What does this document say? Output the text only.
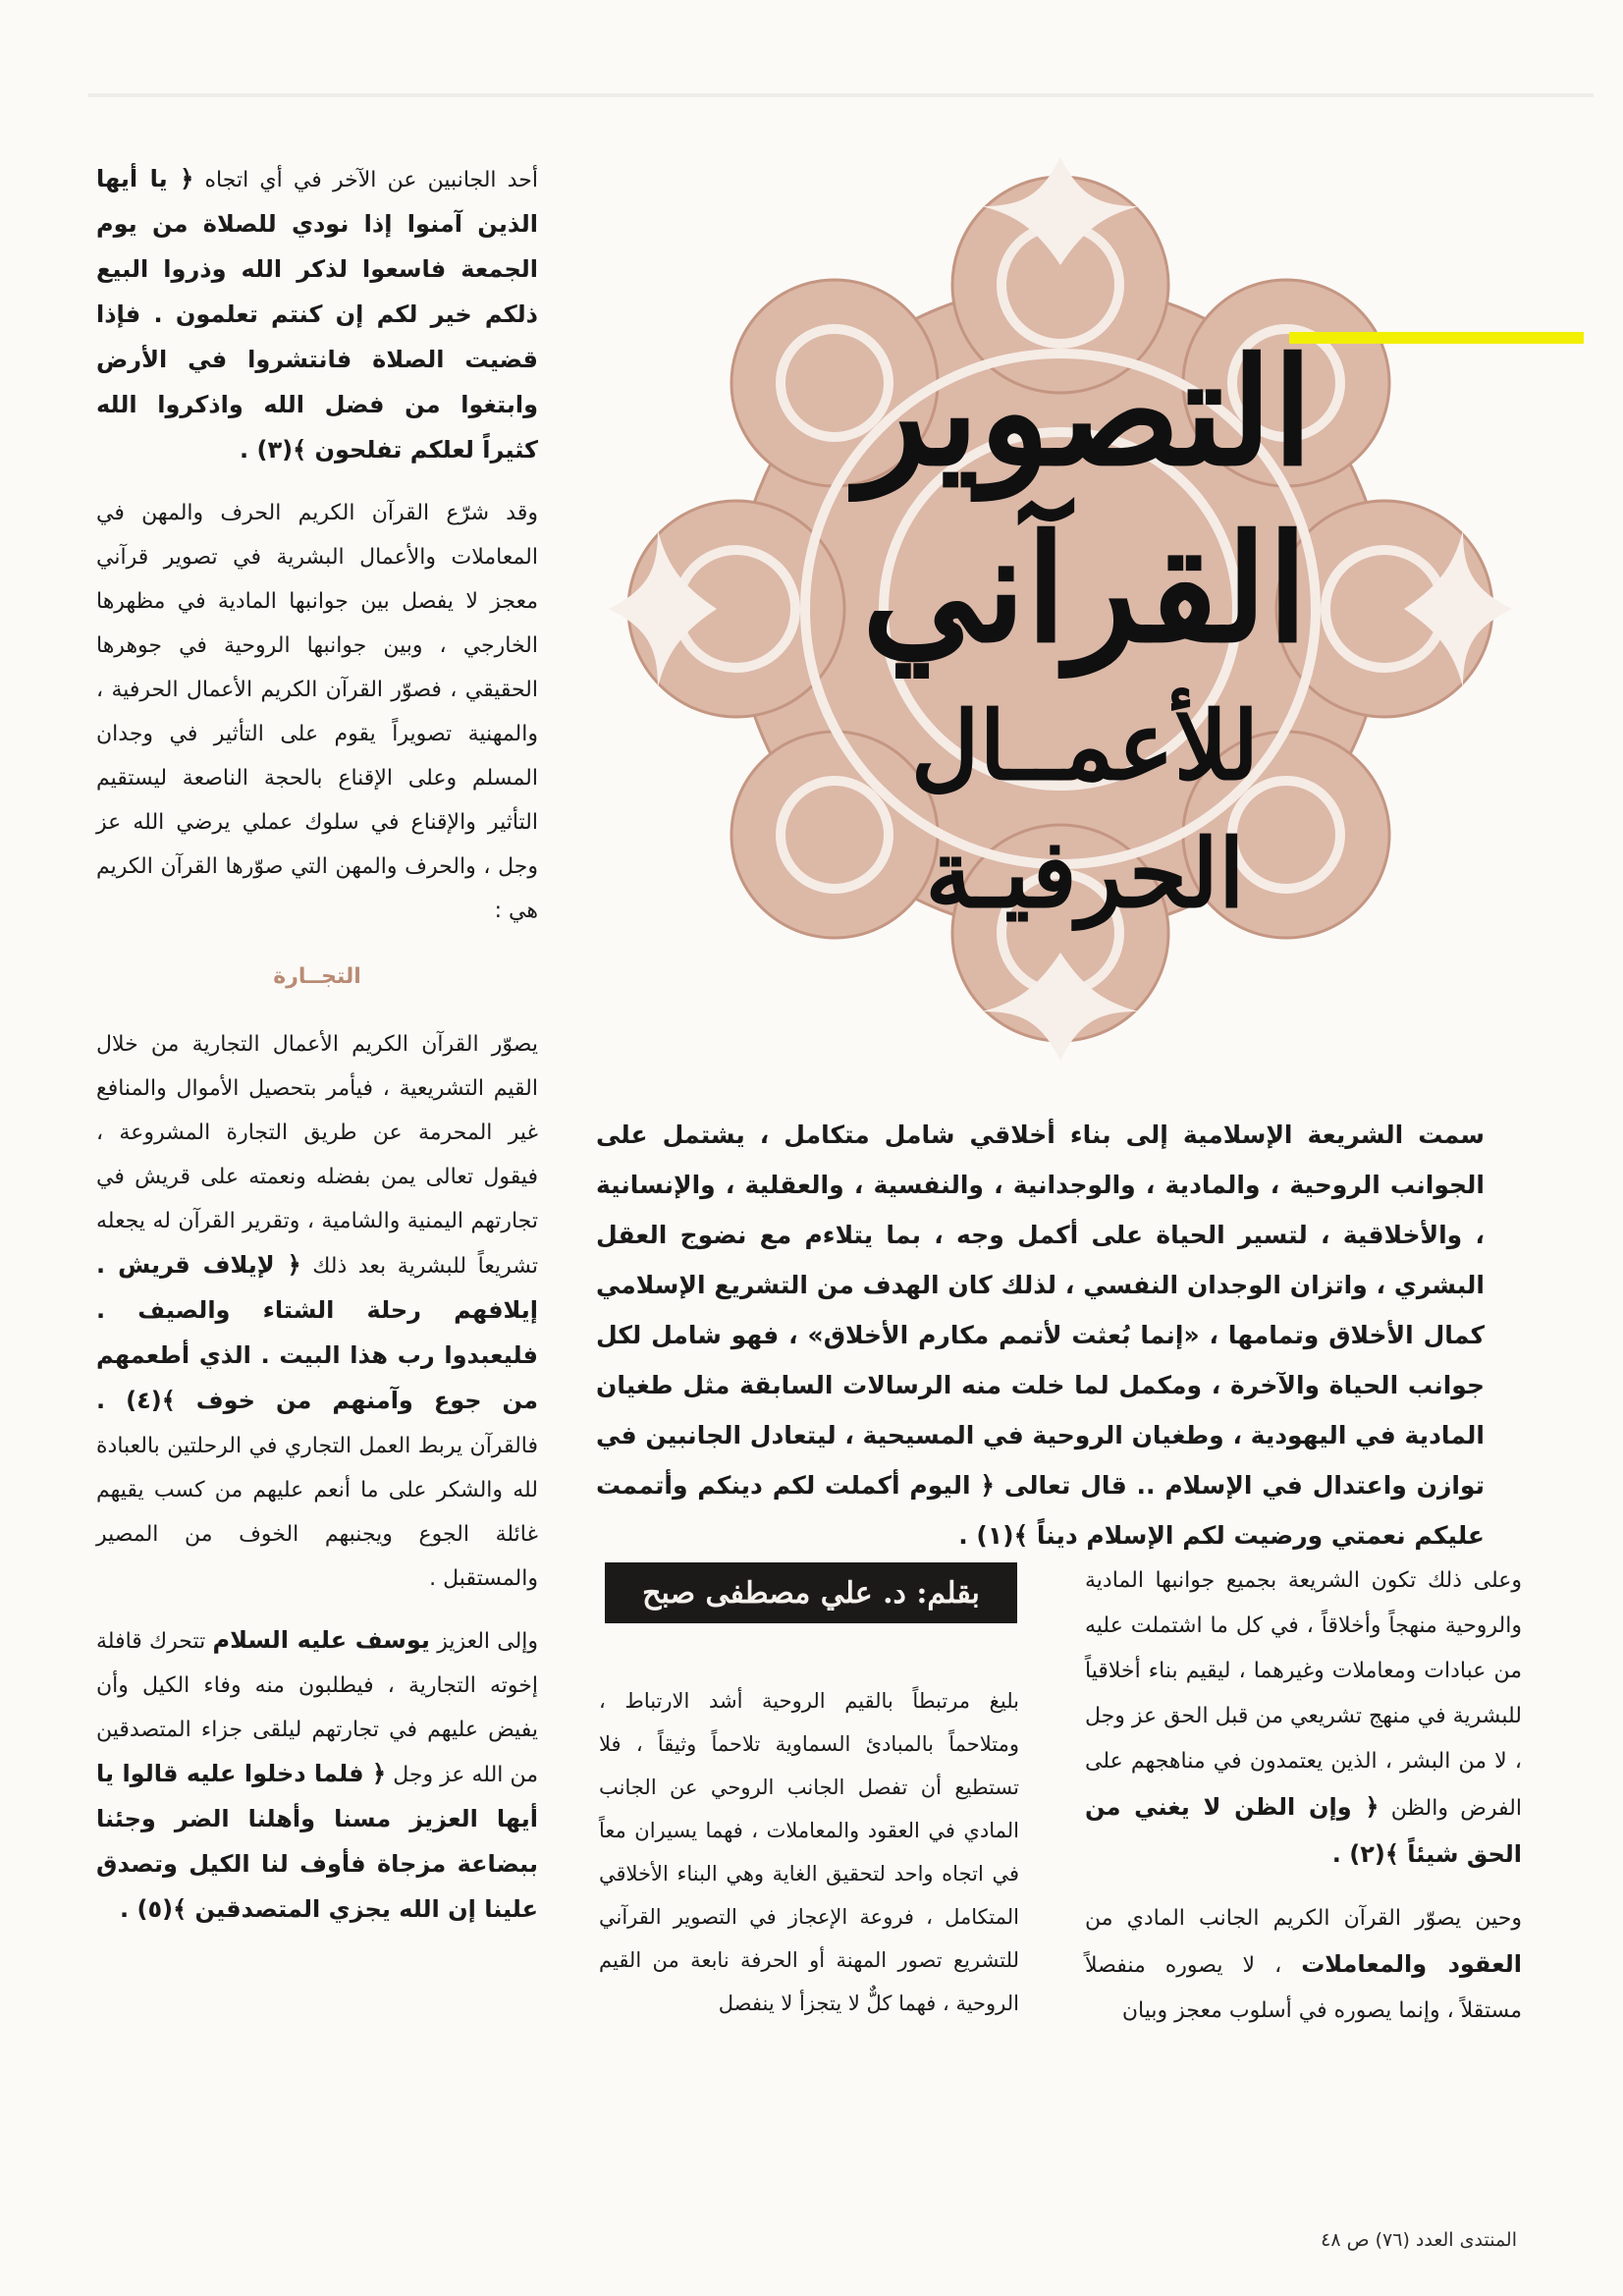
التصوير
القرآني
للأعمــال
الحرفيـة
سمت الشريعة الإسلامية إلى بناء أخلاقي شامل متكامل ، يشتمل على الجوانب الروحية ، والمادية ، والوجدانية ، والنفسية ، والعقلية ، والإنسانية ، والأخلاقية ، لتسير الحياة على أكمل وجه ، بما يتلاءم مع نضوج العقل البشري ، واتزان الوجدان النفسي ، لذلك كان الهدف من التشريع الإسلامي كمال الأخلاق وتمامها ، «إنما بُعثت لأتمم مكارم الأخلاق» ، فهو شامل لكل جوانب الحياة والآخرة ، ومكمل لما خلت منه الرسالات السابقة مثل طغيان المادية في اليهودية ، وطغيان الروحية في المسيحية ، ليتعادل الجانبين في توازن واعتدال في الإسلام .. قال تعالى ﴿ اليوم أكملت لكم دينكم وأتممت عليكم نعمتي ورضيت لكم الإسلام ديناً ﴾(١) .
بقلم: د. علي مصطفى صبح
بليغ مرتبطاً بالقيم الروحية أشد الارتباط ، ومتلاحماً بالمبادئ السماوية تلاحماً وثيقاً ، فلا تستطيع أن تفصل الجانب الروحي عن الجانب المادي في العقود والمعاملات ، فهما يسيران معاً في اتجاه واحد لتحقيق الغاية وهي البناء الأخلاقي المتكامل ، فروعة الإعجاز في التصوير القرآني للتشريع تصور المهنة أو الحرفة نابعة من القيم الروحية ، فهما كلٌّ لا يتجزأ لا ينفصل

وعلى ذلك تكون الشريعة بجميع جوانبها المادية والروحية منهجاً وأخلاقاً ، في كل ما اشتملت عليه من عبادات ومعاملات وغيرهما ، ليقيم بناء أخلاقياً للبشرية في منهج تشريعي من قبل الحق عز وجل ، لا من البشر ، الذين يعتمدون في مناهجهم على الفرض والظن ﴿ وإن الظن لا يغني من الحق شيئاً ﴾(٢) .

وحين يصوّر القرآن الكريم الجانب المادي من العقود والمعاملات ، لا يصوره منفصلاً مستقلاً ، وإنما يصوره في أسلوب معجز وبيان

أحد الجانبين عن الآخر في أي اتجاه ﴿ يا أيها الذين آمنوا إذا نودي للصلاة من يوم الجمعة فاسعوا لذكر الله وذروا البيع ذلكم خير لكم إن كنتم تعلمون . فإذا قضيت الصلاة فانتشروا في الأرض وابتغوا من فضل الله واذكروا الله كثيراً لعلكم تفلحون ﴾(٣) .

وقد شرّع القرآن الكريم الحرف والمهن في المعاملات والأعمال البشرية في تصوير قرآني معجز لا يفصل بين جوانبها المادية في مظهرها الخارجي ، وبين جوانبها الروحية في جوهرها الحقيقي ، فصوّر القرآن الكريم الأعمال الحرفية ، والمهنية تصويراً يقوم على التأثير في وجدان المسلم وعلى الإقناع بالحجة الناصعة ليستقيم التأثير والإقناع في سلوك عملي يرضي الله عز وجل ، والحرف والمهن التي صوّرها القرآن الكريم هي :

التجــارة

يصوّر القرآن الكريم الأعمال التجارية من خلال القيم التشريعية ، فيأمر بتحصيل الأموال والمنافع غير المحرمة عن طريق التجارة المشروعة ، فيقول تعالى يمن بفضله ونعمته على قريش في تجارتهم اليمنية والشامية ، وتقرير القرآن له يجعله تشريعاً للبشرية بعد ذلك ﴿ لإيلاف قريش . إيلافهم رحلة الشتاء والصيف . فليعبدوا رب هذا البيت . الذي أطعمهم من جوع وآمنهم من خوف ﴾(٤) . فالقرآن يربط العمل التجاري في الرحلتين بالعبادة لله والشكر على ما أنعم عليهم من كسب يقيهم غائلة الجوع ويجنبهم الخوف من المصير والمستقبل .

وإلى العزيز يوسف عليه السلام تتحرك قافلة إخوته التجارية ، فيطلبون منه وفاء الكيل وأن يفيض عليهم في تجارتهم ليلقى جزاء المتصدقين من الله عز وجل ﴿ فلما دخلوا عليه قالوا يا أيها العزيز مسنا وأهلنا الضر وجئنا ببضاعة مزجاة فأوف لنا الكيل وتصدق علينا إن الله يجزي المتصدقين ﴾(٥) .

المنتدى العدد (٧٦) ص ٤٨
